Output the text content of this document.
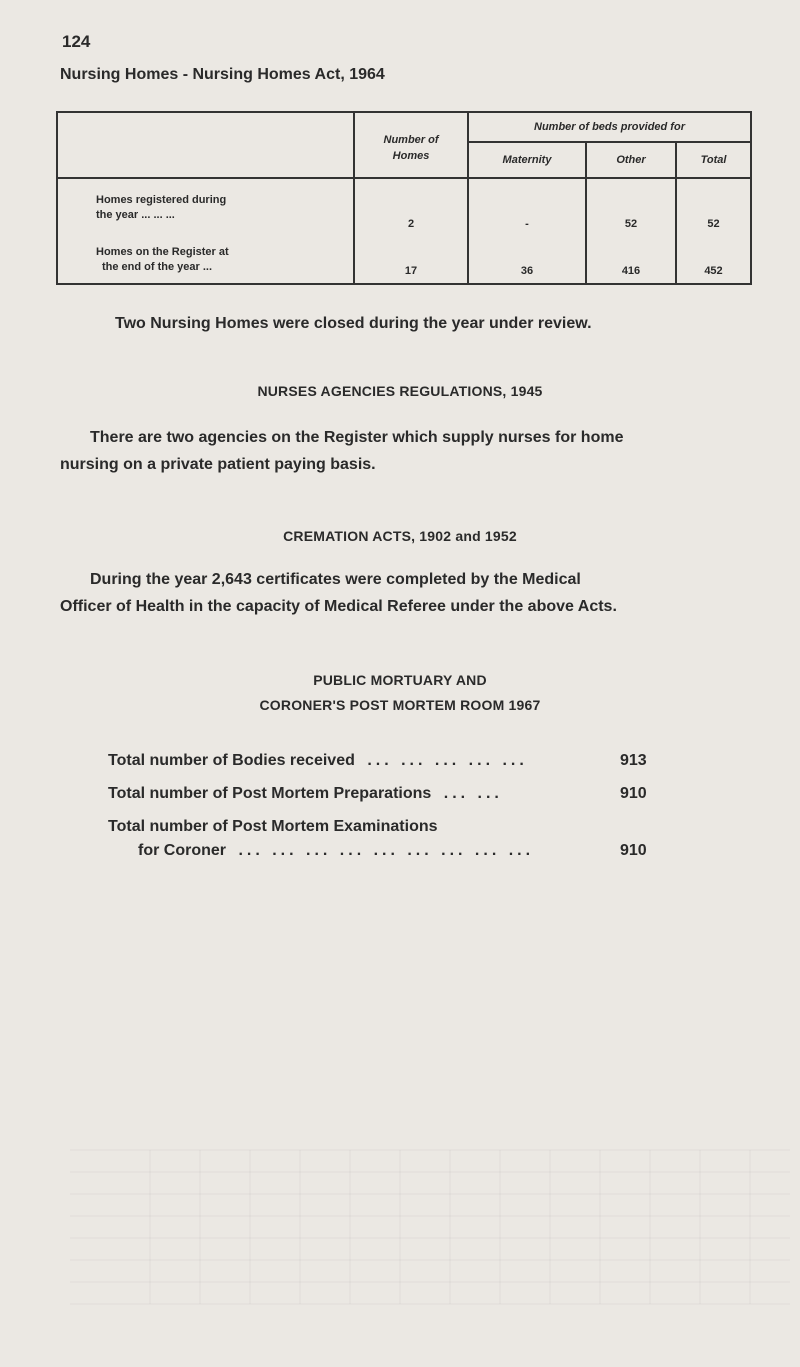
124
Nursing Homes - Nursing Homes Act, 1964
	Number of Homes	Number of beds provided for		
		Maternity	Other	Total

Homes registered during
the year ... ... ...	2	-	52	52

Homes on the Register at
the end of the year ...	17	36	416	452
Two Nursing Homes were closed during the year under review.
NURSES AGENCIES REGULATIONS, 1945
There are two agencies on the Register which supply nurses for home
nursing on a private patient paying basis.
CREMATION ACTS, 1902 and 1952
During the year 2,643 certificates were completed by the Medical
Officer of Health in the capacity of Medical Referee under the above Acts.
PUBLIC MORTUARY AND
CORONER'S POST MORTEM ROOM 1967
Total number of Bodies received ... ... ... ... ...	913
Total number of Post Mortem Preparations ... ...	910
Total number of Post Mortem Examinations
for Coroner ... ... ... ... ... ... ... ... ...	910
